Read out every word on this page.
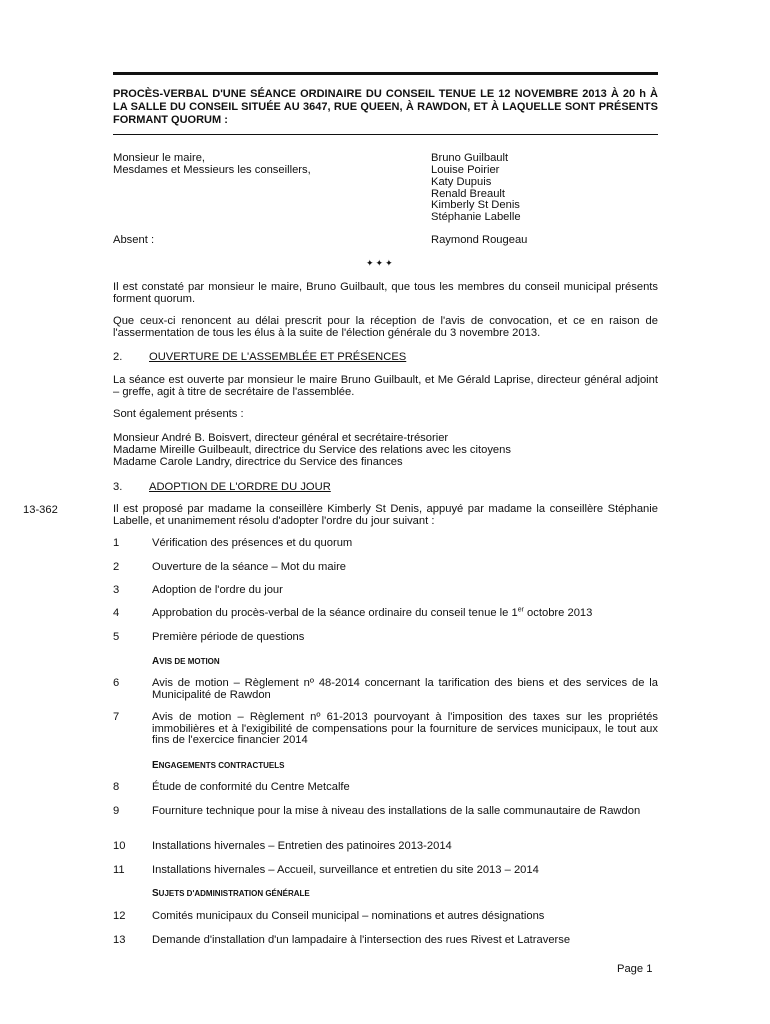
PROCÈS-VERBAL D'UNE SÉANCE ORDINAIRE DU CONSEIL TENUE LE 12 NOVEMBRE 2013 À 20 h À LA SALLE DU CONSEIL SITUÉE AU 3647, RUE QUEEN, À RAWDON, ET À LAQUELLE SONT PRÉSENTS FORMANT QUORUM :
Monsieur le maire,
Mesdames et Messieurs les conseillers,
Bruno Guilbault
Louise Poirier
Katy Dupuis
Renald Breault
Kimberly St Denis
Stéphanie Labelle
Absent :	Raymond Rougeau
✦✦✦
Il est constaté par monsieur le maire, Bruno Guilbault, que tous les membres du conseil municipal présents forment quorum.
Que ceux-ci renoncent au délai prescrit pour la réception de l'avis de convocation, et ce en raison de l'assermentation de tous les élus à la suite de l'élection générale du 3 novembre 2013.
2. OUVERTURE DE L'ASSEMBLÉE ET PRÉSENCES
La séance est ouverte par monsieur le maire Bruno Guilbault, et Me Gérald Laprise, directeur général adjoint – greffe, agit à titre de secrétaire de l'assemblée.
Sont également présents :
Monsieur André B. Boisvert, directeur général et secrétaire-trésorier
Madame Mireille Guilbeault, directrice du Service des relations avec les citoyens
Madame Carole Landry, directrice du Service des finances
3. ADOPTION DE L'ORDRE DU JOUR
13-362	Il est proposé par madame la conseillère Kimberly St Denis, appuyé par madame la conseillère Stéphanie Labelle, et unanimement résolu d'adopter l'ordre du jour suivant :
1	Vérification des présences et du quorum
2	Ouverture de la séance – Mot du maire
3	Adoption de l'ordre du jour
4	Approbation du procès-verbal de la séance ordinaire du conseil tenue le 1er octobre 2013
5	Première période de questions
AVIS DE MOTION
6	Avis de motion – Règlement nº 48-2014 concernant la tarification des biens et des services de la Municipalité de Rawdon
7	Avis de motion – Règlement nº 61-2013 pourvoyant à l'imposition des taxes sur les propriétés immobilières et à l'exigibilité de compensations pour la fourniture de services municipaux, le tout aux fins de l'exercice financier 2014
ENGAGEMENTS CONTRACTUELS
8	Étude de conformité du Centre Metcalfe
9	Fourniture technique pour la mise à niveau des installations de la salle communautaire de Rawdon
10 Installations hivernales – Entretien des patinoires 2013-2014
11 Installations hivernales – Accueil, surveillance et entretien du site 2013 – 2014
SUJETS D'ADMINISTRATION GÉNÉRALE
12 Comités municipaux du Conseil municipal – nominations et autres désignations
13 Demande d'installation d'un lampadaire à l'intersection des rues Rivest et Latraverse
Page 1
